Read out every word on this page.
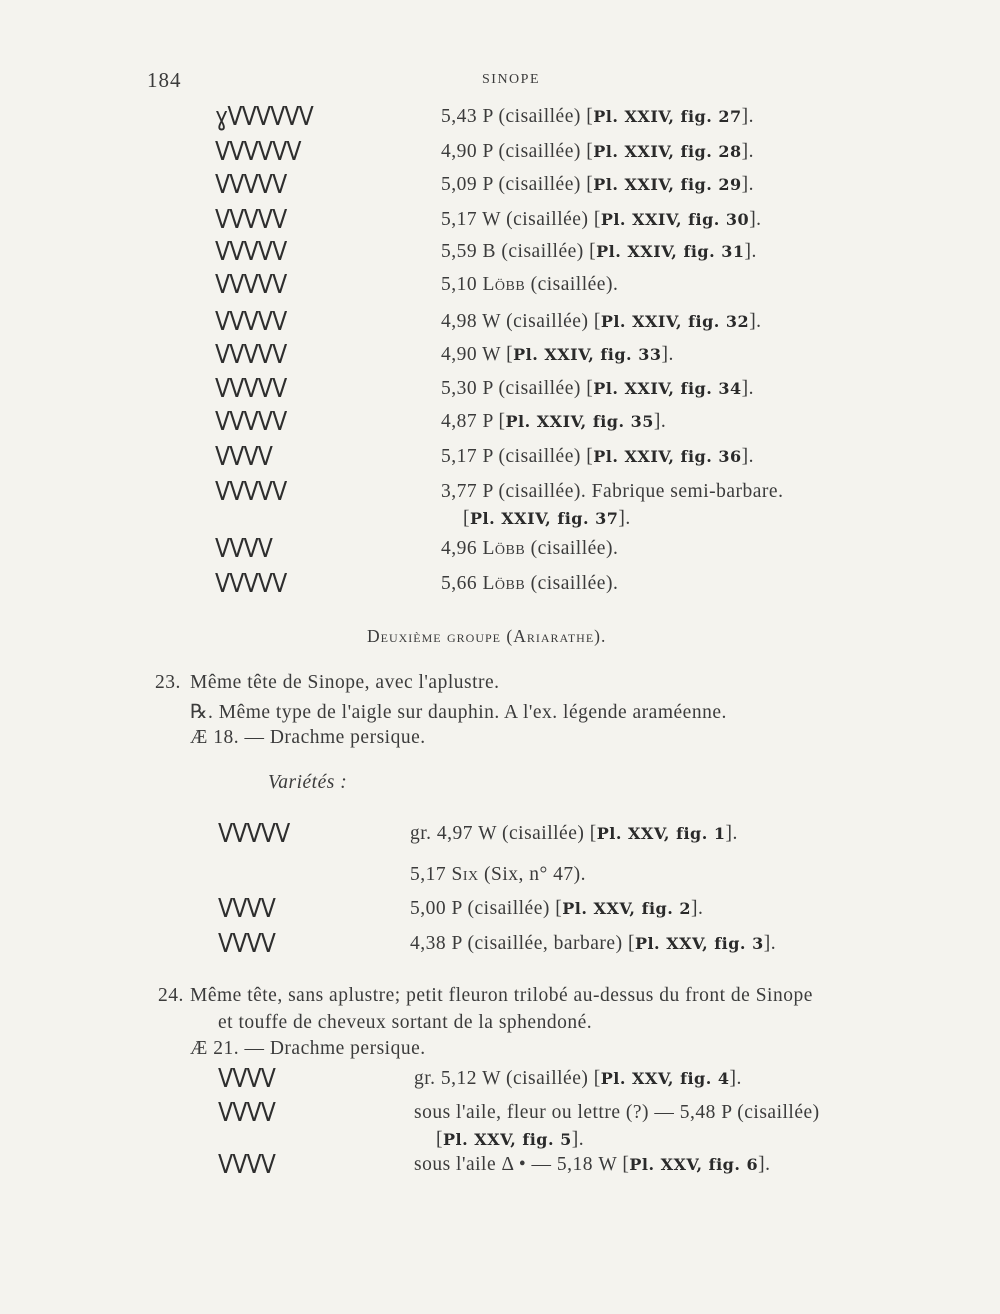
184	SINOPE
ɣꓦꓦꓦꓦꓦꓦ	5,43 P (cisaillée) [Pl. XXIV, fig. 27].
ꓦꓦꓦꓦꓦꓦ	4,90 P (cisaillée) [Pl. XXIV, fig. 28].
ꓦꓦꓦꓦꓦ	5,09 P (cisaillée) [Pl. XXIV, fig. 29].
ꓦꓦꓦꓦꓦ	5,17 W (cisaillée) [Pl. XXIV, fig. 30].
ꓦꓦꓦꓦꓦ	5,59 B (cisaillée) [Pl. XXIV, fig. 31].
ꓦꓦꓦꓦꓦ	5,10 Löbb (cisaillée).
ꓦꓦꓦꓦꓦ	4,98 W (cisaillée) [Pl. XXIV, fig. 32].
ꓦꓦꓦꓦꓦ	4,90 W [Pl. XXIV, fig. 33].
ꓦꓦꓦꓦꓦ	5,30 P (cisaillée) [Pl. XXIV, fig. 34].
ꓦꓦꓦꓦꓦ	4,87 P [Pl. XXIV, fig. 35].
ꓦꓦꓦꓦ	5,17 P (cisaillée) [Pl. XXIV, fig. 36].
ꓦꓦꓦꓦꓦ	3,77 P (cisaillée). Fabrique semi-barbare.
[Pl. XXIV, fig. 37].
ꓦꓦꓦꓦ	4,96 Löbb (cisaillée).
ꓦꓦꓦꓦꓦ	5,66 Löbb (cisaillée).
Deuxième groupe (Ariarathe).
23. Même tête de Sinope, avec l'aplustre.
℞. Même type de l'aigle sur dauphin. A l'ex. légende araméenne.
Æ 18. — Drachme persique.
Variétés :
ꓦꓦꓦꓦꓦ	gr. 4,97 W (cisaillée) [Pl. XXV, fig. 1].
5,17 Six (Six, n° 47).
ꓦꓦꓦꓦ	5,00 P (cisaillée) [Pl. XXV, fig. 2].
ꓦꓦꓦꓦ	4,38 P (cisaillée, barbare) [Pl. XXV, fig. 3].
24. Même tête, sans aplustre; petit fleuron trilobé au-dessus du front de Sinope
et touffe de cheveux sortant de la sphendoné.
Æ 21. — Drachme persique.
ꓦꓦꓦꓦ	gr. 5,12 W (cisaillée) [Pl. XXV, fig. 4].
ꓦꓦꓦꓦ	sous l'aile, fleur ou lettre (?) — 5,48 P (cisaillée)
[Pl. XXV, fig. 5].
ꓦꓦꓦꓦ	sous l'aile Δ • — 5,18 W [Pl. XXV, fig. 6].
